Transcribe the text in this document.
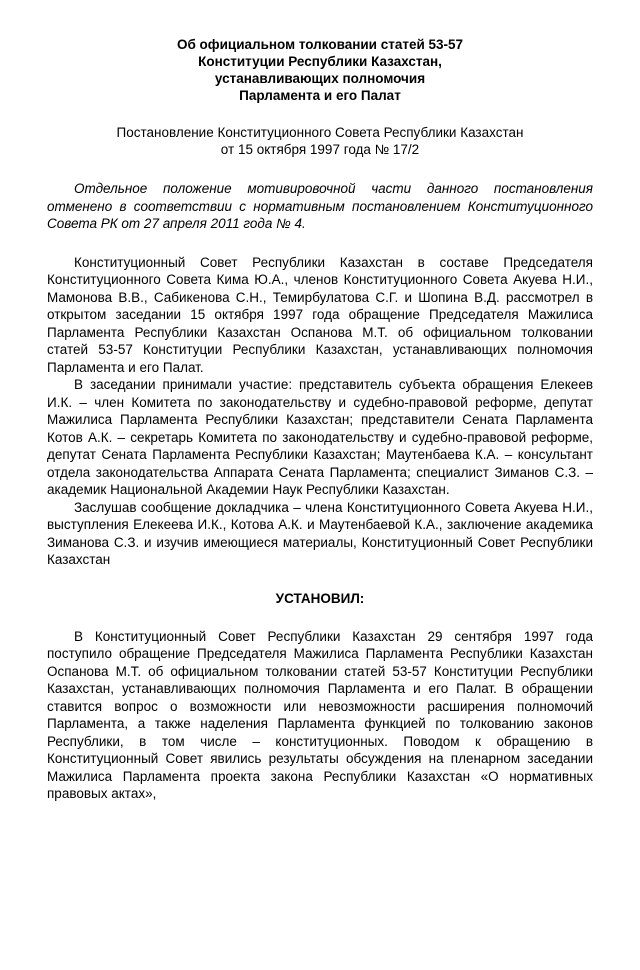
Об официальном толковании статей 53-57
Конституции Республики Казахстан,
устанавливающих полномочия
Парламента и его Палат
Постановление Конституционного Совета Республики Казахстан
от 15 октября 1997 года № 17/2
Отдельное положение мотивировочной части данного постановления отменено в соответствии с нормативным постановлением Конституционного Совета РК от 27 апреля 2011 года № 4.

Конституционный Совет Республики Казахстан в составе Председателя Конституционного Совета Кима Ю.А., членов Конституционного Совета Акуева Н.И., Мамонова В.В., Сабикенова С.Н., Темирбулатова С.Г. и Шопина В.Д. рассмотрел в открытом заседании 15 октября 1997 года обращение Председателя Мажилиса Парламента Республики Казахстан Оспанова М.Т. об официальном толковании статей 53-57 Конституции Республики Казахстан, устанавливающих полномочия Парламента и его Палат.

В заседании принимали участие: представитель субъекта обращения Елекеев И.К. – член Комитета по законодательству и судебно-правовой реформе, депутат Мажилиса Парламента Республики Казахстан; представители Сената Парламента Котов А.К. – секретарь Комитета по законодательству и судебно-правовой реформе, депутат Сената Парламента Республики Казахстан; Маутенбаева К.А. – консультант отдела законодательства Аппарата Сената Парламента; специалист Зиманов С.З. – академик Национальной Академии Наук Республики Казахстан.

Заслушав сообщение докладчика – члена Конституционного Совета Акуева Н.И., выступления Елекеева И.К., Котова А.К. и Маутенбаевой К.А., заключение академика Зиманова С.З. и изучив имеющиеся материалы, Конституционный Совет Республики Казахстан

УСТАНОВИЛ:

В Конституционный Совет Республики Казахстан 29 сентября 1997 года поступило обращение Председателя Мажилиса Парламента Республики Казахстан Оспанова М.Т. об официальном толковании статей 53-57 Конституции Республики Казахстан, устанавливающих полномочия Парламента и его Палат. В обращении ставится вопрос о возможности или невозможности расширения полномочий Парламента, а также наделения Парламента функцией по толкованию законов Республики, в том числе – конституционных. Поводом к обращению в Конституционный Совет явились результаты обсуждения на пленарном заседании Мажилиса Парламента проекта закона Республики Казахстан «О нормативных правовых актах»,
